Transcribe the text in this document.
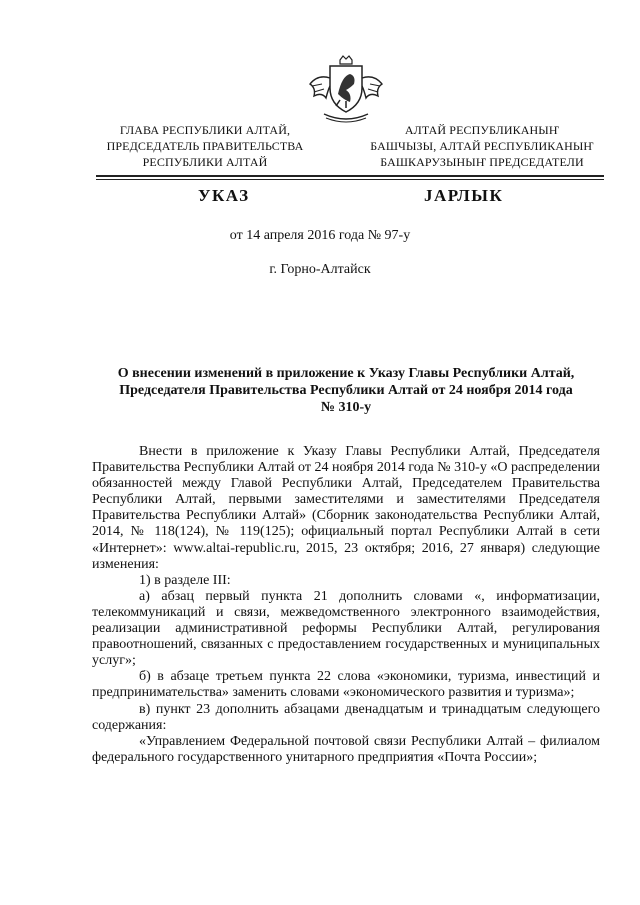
ГЛАВА РЕСПУБЛИКИ АЛТАЙ,
ПРЕДСЕДАТЕЛЬ ПРАВИТЕЛЬСТВА
РЕСПУБЛИКИ АЛТАЙ
АЛТАЙ РЕСПУБЛИКАНЫҤ
БАШЧЫЗЫ, АЛТАЙ РЕСПУБЛИКАНЫҤ
БАШКАРУЗЫНЫҤ ПРЕДСЕДАТЕЛИ
УКАЗ	JАРЛЫК
от 14 апреля 2016 года № 97-у
г. Горно-Алтайск
О внесении изменений в приложение к Указу Главы Республики Алтай,
Председателя Правительства Республики Алтай от 24 ноября 2014 года
№ 310-у

Внести в приложение к Указу Главы Республики Алтай, Председателя Правительства Республики Алтай от 24 ноября 2014 года № 310-у «О распределении обязанностей между Главой Республики Алтай, Председателем Правительства Республики Алтай, первыми заместителями и заместителями Председателя Правительства Республики Алтай» (Сборник законодательства Республики Алтай, 2014, № 118(124), № 119(125); официальный портал Республики Алтай в сети «Интернет»: www.altai-republic.ru, 2015, 23 октября; 2016, 27 января) следующие изменения:

1) в разделе III:

а) абзац первый пункта 21 дополнить словами «, информатизации, телекоммуникаций и связи, межведомственного электронного взаимодействия, реализации административной реформы Республики Алтай, регулирования правоотношений, связанных с предоставлением государственных и муниципальных услуг»;

б) в абзаце третьем пункта 22 слова «экономики, туризма, инвестиций и предпринимательства» заменить словами «экономического развития и туризма»;

в) пункт 23 дополнить абзацами двенадцатым и тринадцатым следующего содержания:

«Управлением Федеральной почтовой связи Республики Алтай – филиалом федерального государственного унитарного предприятия «Почта России»;
